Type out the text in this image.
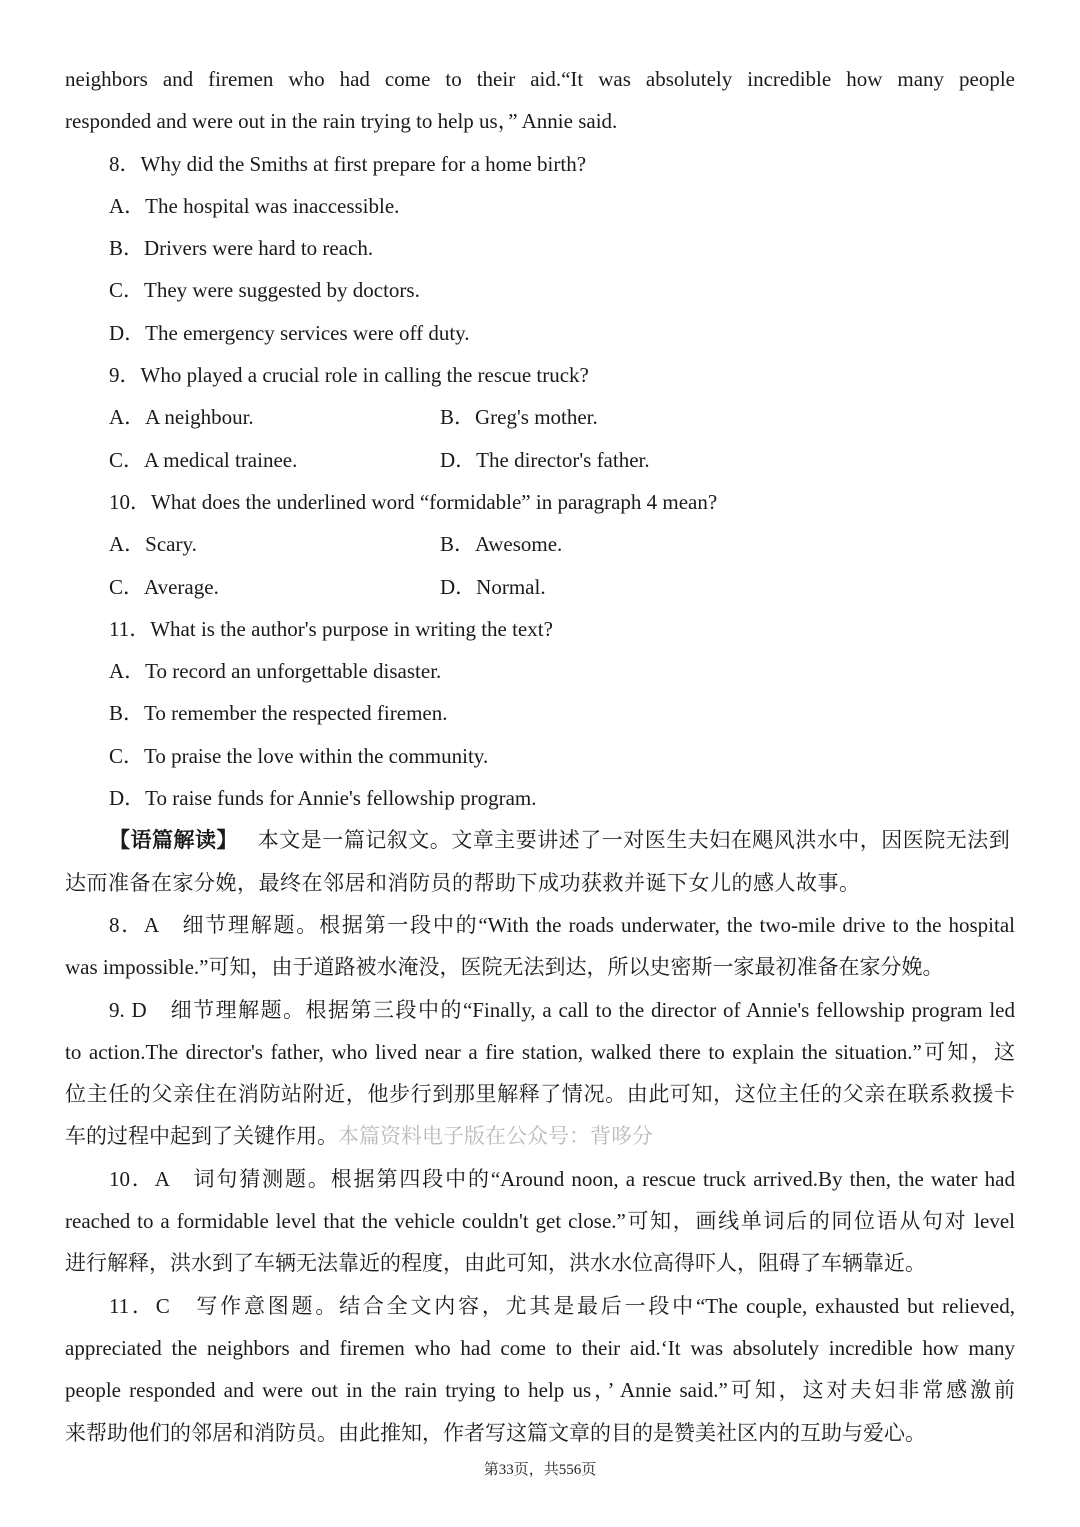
neighbors and firemen who had come to their aid.“It was absolutely incredible how many people
responded and were out in the rain trying to help us，” Annie said.
8．Why did the Smiths at first prepare for a home birth?
A．The hospital was inaccessible.
B．Drivers were hard to reach.
C．They were suggested by doctors.
D．The emergency services were off duty.
9．Who played a crucial role in calling the rescue truck?
A．A neighbour.	B．Greg's mother.
C．A medical trainee.	D．The director's father.
10．What does the underlined word “formidable” in paragraph 4 mean?
A．Scary.	B．Awesome.
C．Average.	D．Normal.
11．What is the author's purpose in writing the text?
A．To record an unforgettable disaster.
B．To remember the respected firemen.
C．To praise the love within the community.
D．To raise funds for Annie's fellowship program.
【语篇解读】 本文是一篇记叙文。文章主要讲述了一对医生夫妇在飓风洪水中，因医院无法到
达而准备在家分娩，最终在邻居和消防员的帮助下成功获救并诞下女儿的感人故事。
8．A　细节理解题。根据第一段中的“With the roads underwater, the two-mile drive to the hospital
was impossible.”可知，由于道路被水淹没，医院无法到达，所以史密斯一家最初准备在家分娩。
9. D　细节理解题。根据第三段中的“Finally, a call to the director of Annie's fellowship program led
to action.The director's father, who lived near a fire station, walked there to explain the situation.”可知，这
位主任的父亲住在消防站附近，他步行到那里解释了情况。由此可知，这位主任的父亲在联系救援卡
车的过程中起到了关键作用。本篇资料电子版在公众号：背哆分
10．A　词句猜测题。根据第四段中的“Around noon, a rescue truck arrived.By then, the water had
reached to a formidable level that the vehicle couldn't get close.”可知，画线单词后的同位语从句对 level
进行解释，洪水到了车辆无法靠近的程度，由此可知，洪水水位高得吓人，阻碍了车辆靠近。
11．C　写作意图题。结合全文内容，尤其是最后一段中“The couple, exhausted but relieved,
appreciated the neighbors and firemen who had come to their aid.‘It was absolutely incredible how many
people responded and were out in the rain trying to help us，’ Annie said.”可知，这对夫妇非常感激前
来帮助他们的邻居和消防员。由此推知，作者写这篇文章的目的是赞美社区内的互助与爱心。
第33页，共556页
